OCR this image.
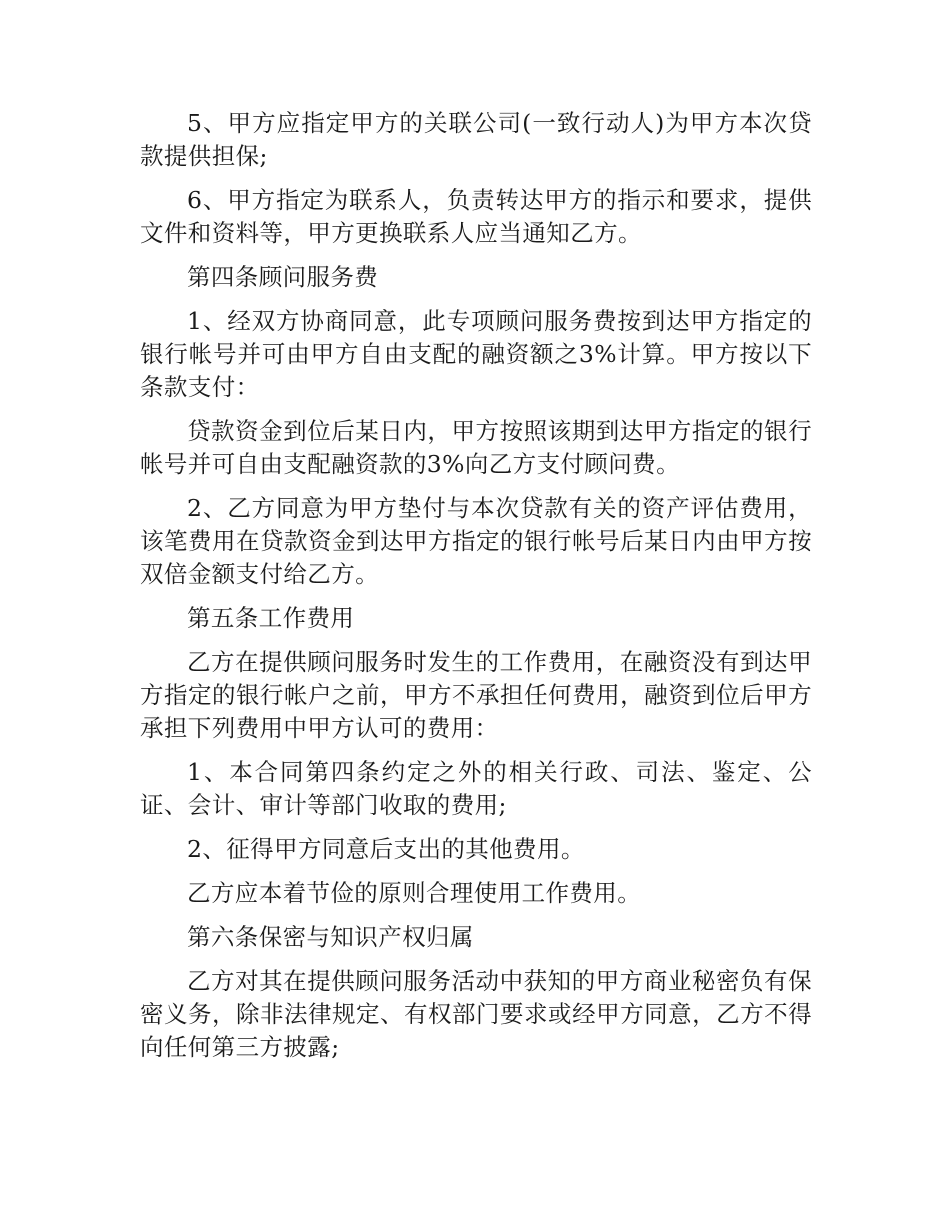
5、甲方应指定甲方的关联公司(一致行动人)为甲方本次贷款提供担保;

6、甲方指定为联系人，负责转达甲方的指示和要求，提供文件和资料等，甲方更换联系人应当通知乙方。

第四条顾问服务费

1、经双方协商同意，此专项顾问服务费按到达甲方指定的银行帐号并可由甲方自由支配的融资额之3%计算。甲方按以下条款支付：

贷款资金到位后某日内，甲方按照该期到达甲方指定的银行帐号并可自由支配融资款的3%向乙方支付顾问费。

2、乙方同意为甲方垫付与本次贷款有关的资产评估费用，该笔费用在贷款资金到达甲方指定的银行帐号后某日内由甲方按双倍金额支付给乙方。

第五条工作费用

乙方在提供顾问服务时发生的工作费用，在融资没有到达甲方指定的银行帐户之前，甲方不承担任何费用，融资到位后甲方承担下列费用中甲方认可的费用：

1、本合同第四条约定之外的相关行政、司法、鉴定、公证、会计、审计等部门收取的费用;

2、征得甲方同意后支出的其他费用。

乙方应本着节俭的原则合理使用工作费用。

第六条保密与知识产权归属

乙方对其在提供顾问服务活动中获知的甲方商业秘密负有保密义务，除非法律规定、有权部门要求或经甲方同意，乙方不得向任何第三方披露;
